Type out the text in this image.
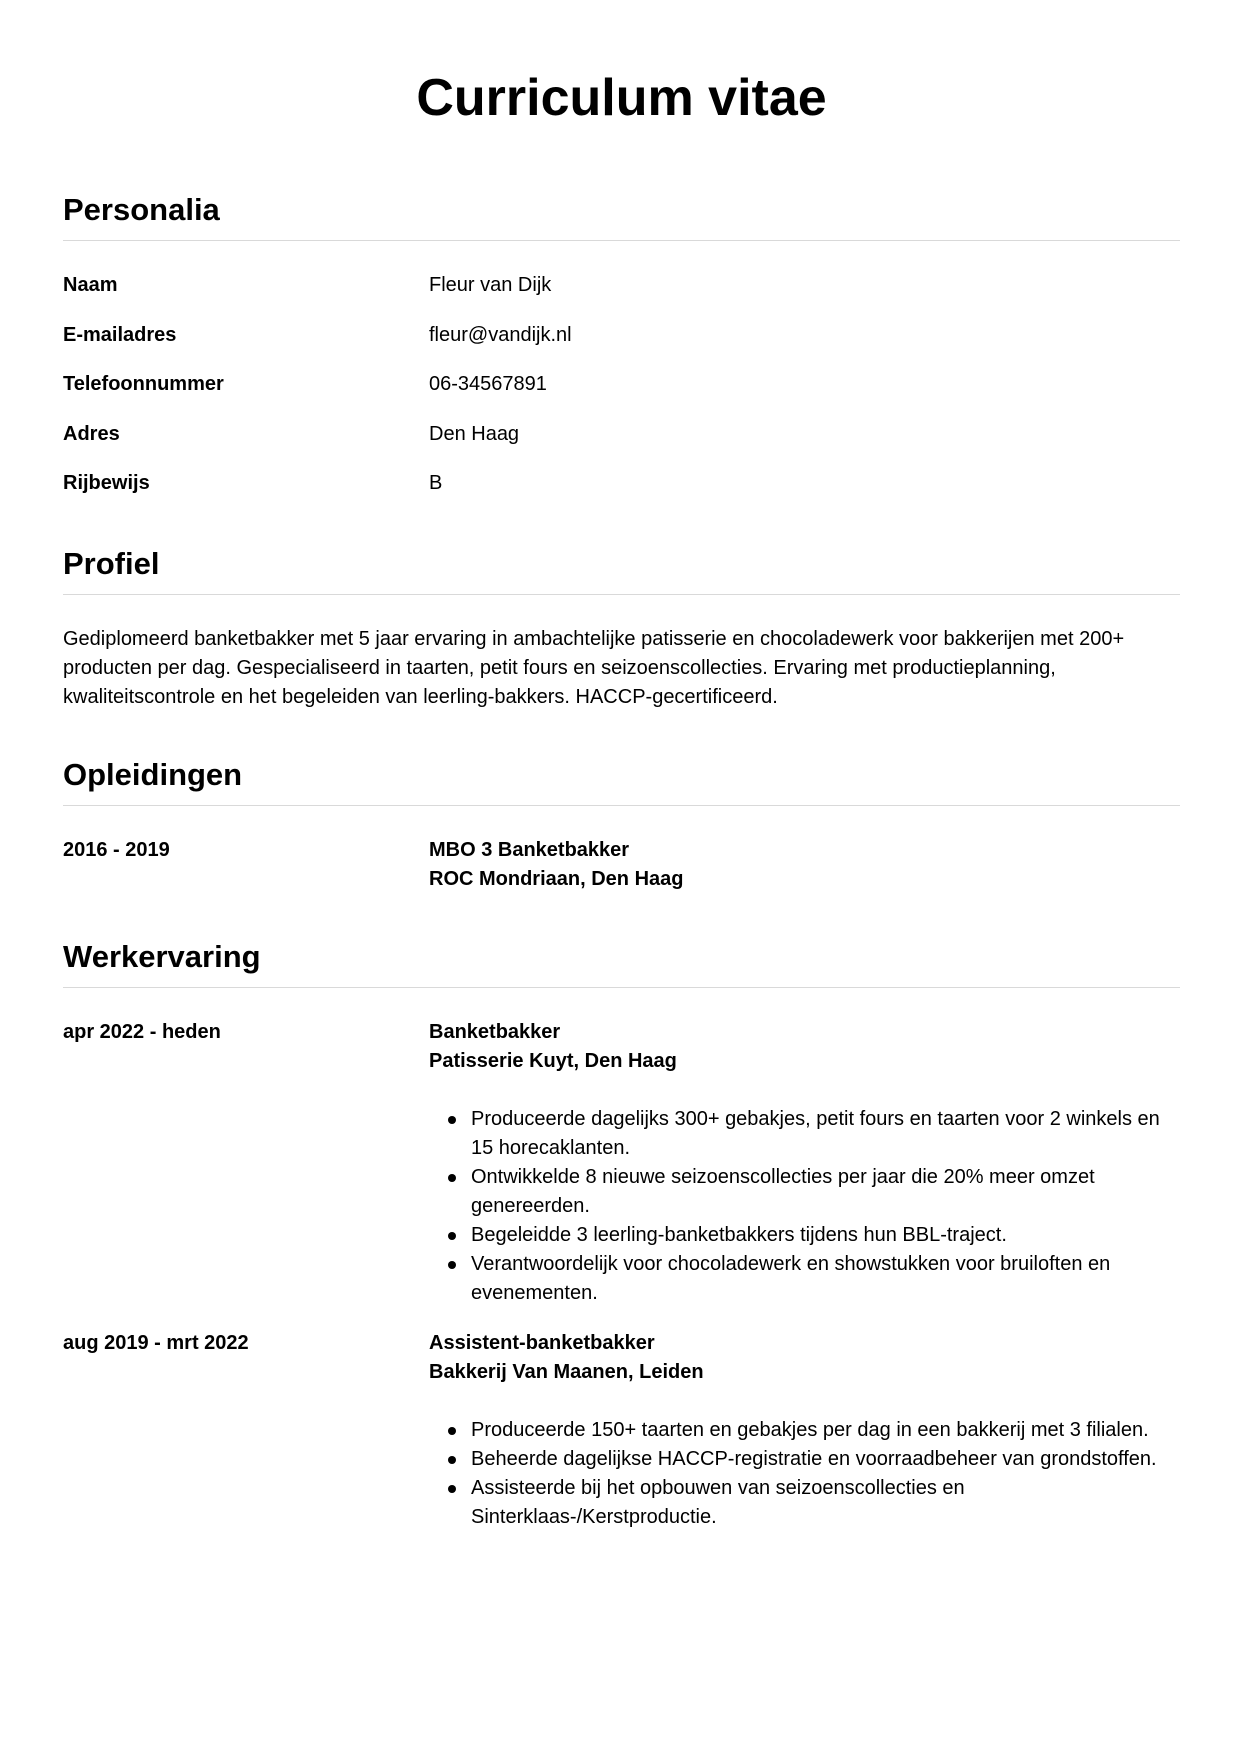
Curriculum vitae
Personalia
Naam	Fleur van Dijk
E-mailadres	fleur@vandijk.nl
Telefoonnummer	06-34567891
Adres	Den Haag
Rijbewijs	B
Profiel

Gediplomeerd banketbakker met 5 jaar ervaring in ambachtelijke patisserie en chocoladewerk voor bakkerijen met 200+ producten per dag. Gespecialiseerd in taarten, petit fours en seizoenscollecties. Ervaring met productieplanning, kwaliteitscontrole en het begeleiden van leerling-bakkers. HACCP-gecertificeerd.

Opleidingen
2016 - 2019	MBO 3 Banketbakker
ROC Mondriaan, Den Haag
Werkervaring
apr 2022 - heden	Banketbakker
Patisserie Kuyt, Den Haag
Produceerde dagelijks 300+ gebakjes, petit fours en taarten voor 2 winkels en 15 horecaklanten.
Ontwikkelde 8 nieuwe seizoenscollecties per jaar die 20% meer omzet genereerden.
Begeleidde 3 leerling-banketbakkers tijdens hun BBL-traject.
Verantwoordelijk voor chocoladewerk en showstukken voor bruiloften en evenementen.
aug 2019 - mrt 2022	Assistent-banketbakker
Bakkerij Van Maanen, Leiden
Produceerde 150+ taarten en gebakjes per dag in een bakkerij met 3 filialen.
Beheerde dagelijkse HACCP-registratie en voorraadbeheer van grondstoffen.
Assisteerde bij het opbouwen van seizoenscollecties en Sinterklaas-/Kerstproductie.
